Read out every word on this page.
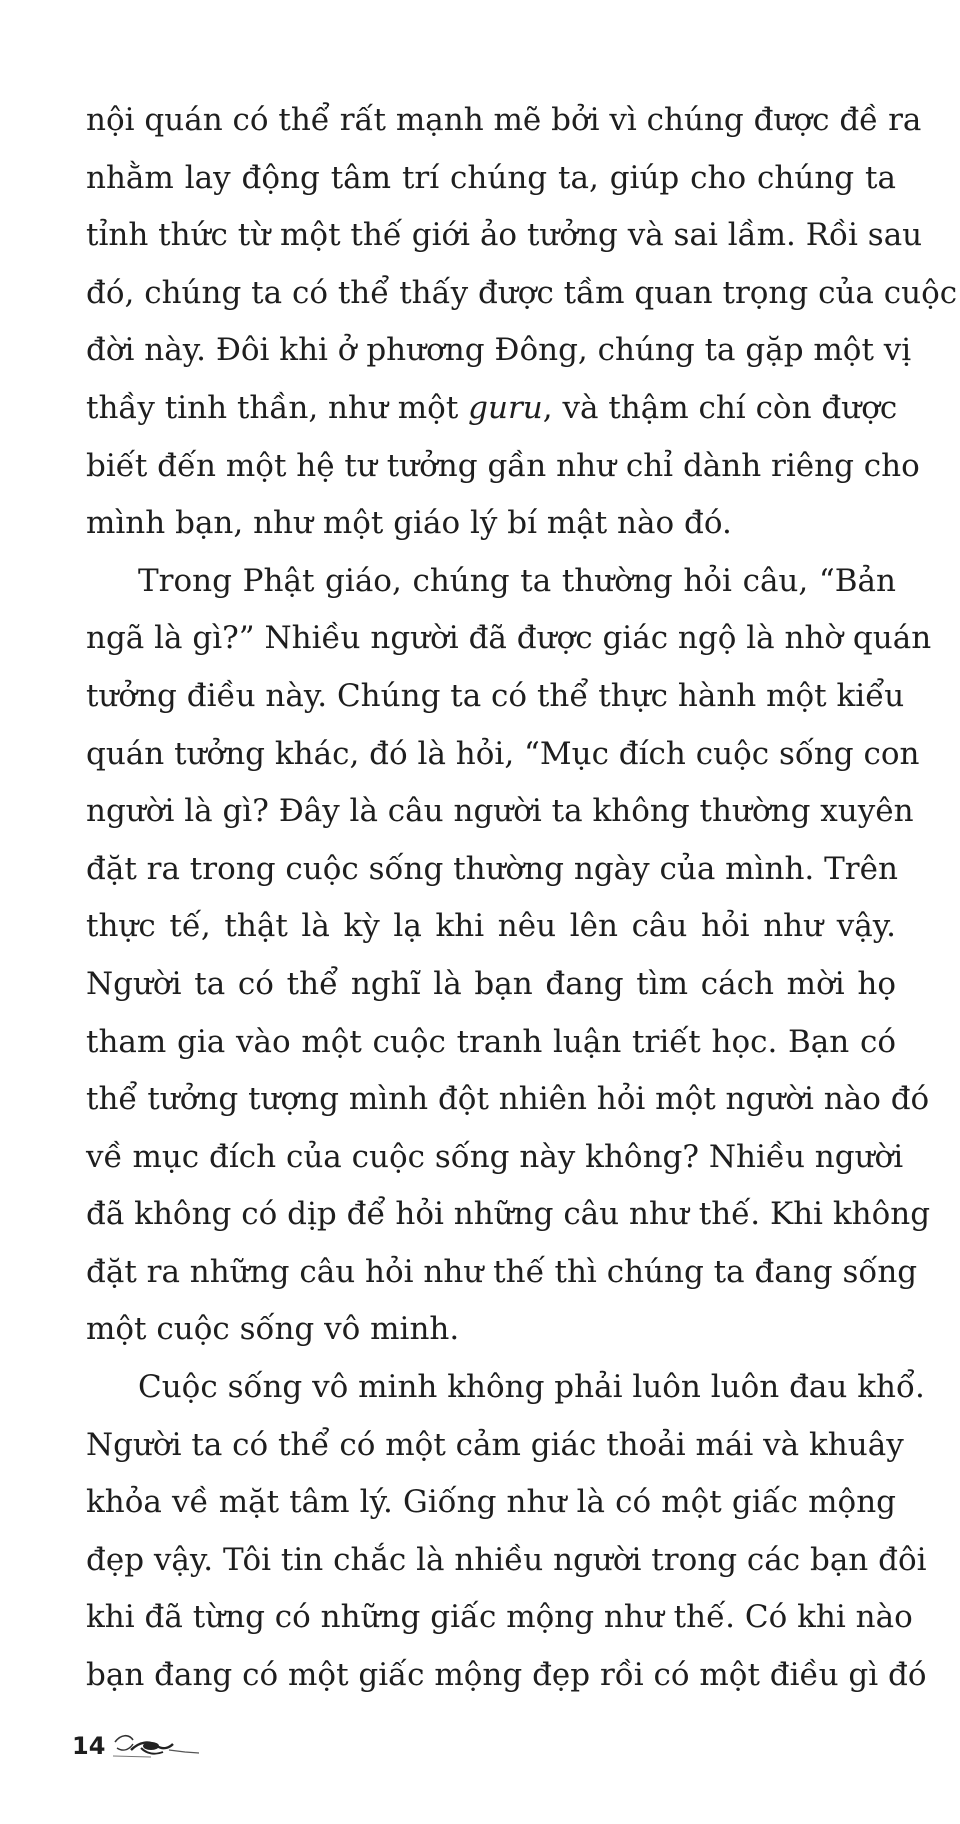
nội quán có thể rất mạnh mẽ bởi vì chúng được đề ra
nhằm lay động tâm trí chúng ta, giúp cho chúng ta
tỉnh thức từ một thế giới ảo tưởng và sai lầm. Rồi sau
đó, chúng ta có thể thấy được tầm quan trọng của cuộc
đời này. Đôi khi ở phương Đông, chúng ta gặp một vị
thầy tinh thần, như một guru, và thậm chí còn được
biết đến một hệ tư tưởng gần như chỉ dành riêng cho
mình bạn, như một giáo lý bí mật nào đó.
Trong Phật giáo, chúng ta thường hỏi câu, “Bản
ngã là gì?” Nhiều người đã được giác ngộ là nhờ quán
tưởng điều này. Chúng ta có thể thực hành một kiểu
quán tưởng khác, đó là hỏi, “Mục đích cuộc sống con
người là gì? Đây là câu người ta không thường xuyên
đặt ra trong cuộc sống thường ngày của mình. Trên
thực tế, thật là kỳ lạ khi nêu lên câu hỏi như vậy.
Người ta có thể nghĩ là bạn đang tìm cách mời họ
tham gia vào một cuộc tranh luận triết học. Bạn có
thể tưởng tượng mình đột nhiên hỏi một người nào đó
về mục đích của cuộc sống này không? Nhiều người
đã không có dịp để hỏi những câu như thế. Khi không
đặt ra những câu hỏi như thế thì chúng ta đang sống
một cuộc sống vô minh.
Cuộc sống vô minh không phải luôn luôn đau khổ.
Người ta có thể có một cảm giác thoải mái và khuây
khỏa về mặt tâm lý. Giống như là có một giấc mộng
đẹp vậy. Tôi tin chắc là nhiều người trong các bạn đôi
khi đã từng có những giấc mộng như thế. Có khi nào
bạn đang có một giấc mộng đẹp rồi có một điều gì đó
14
